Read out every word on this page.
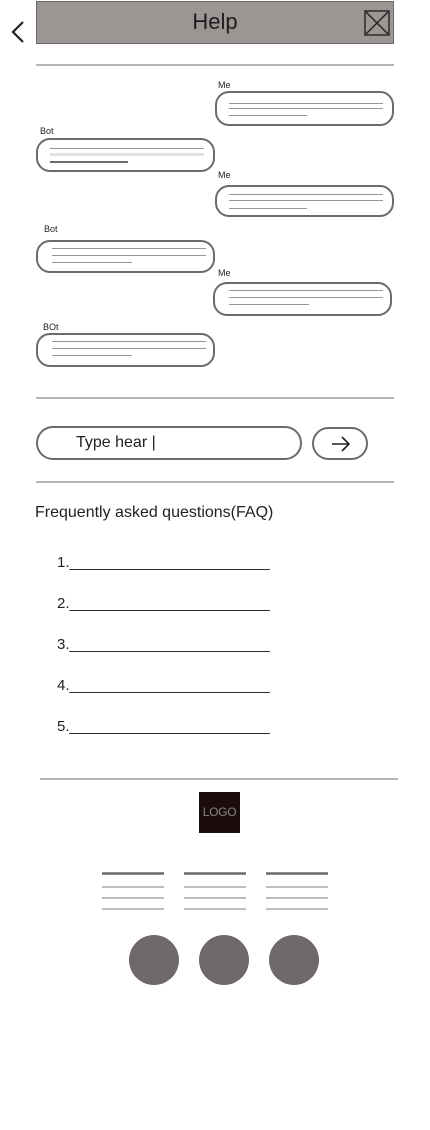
Help
Me
Bot
Me
Bot
Me
BOt
Type hear |
Frequently asked questions(FAQ)
1.________________________
2.________________________
3.________________________
4.________________________
5.________________________
LOGO
